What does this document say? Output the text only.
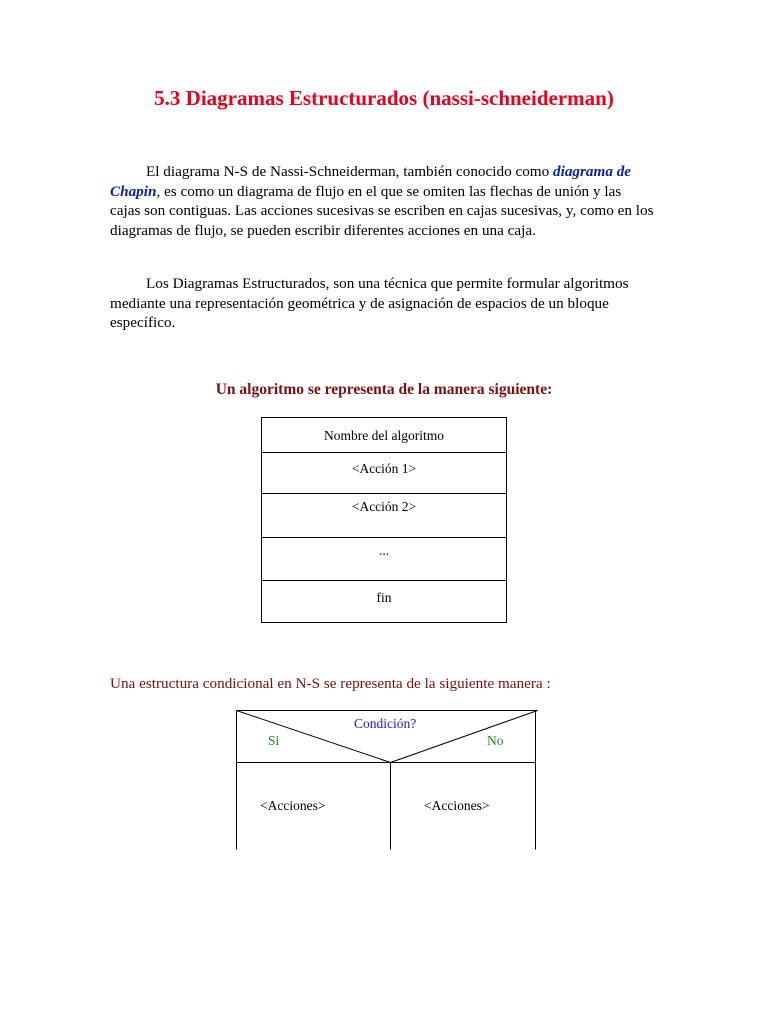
5.3 Diagramas Estructurados (nassi-schneiderman)

El diagrama N-S de Nassi-Schneiderman, también conocido como diagrama de Chapin, es como un diagrama de flujo en el que se omiten las flechas de unión y las cajas son contiguas. Las acciones sucesivas se escriben en cajas sucesivas, y, como en los diagramas de flujo, se pueden escribir diferentes acciones en una caja.

Los Diagramas Estructurados, son una técnica que permite formular algoritmos mediante una representación geométrica y de asignación de espacios de un bloque específico.

Un algoritmo se representa de la manera siguiente:
Nombre del algoritmo
<Acción 1>
<Acción 2>
...
fin
Una estructura condicional en N-S se representa de la siguiente manera :
Condición?
Si	No
<Acciones>	<Acciones>
